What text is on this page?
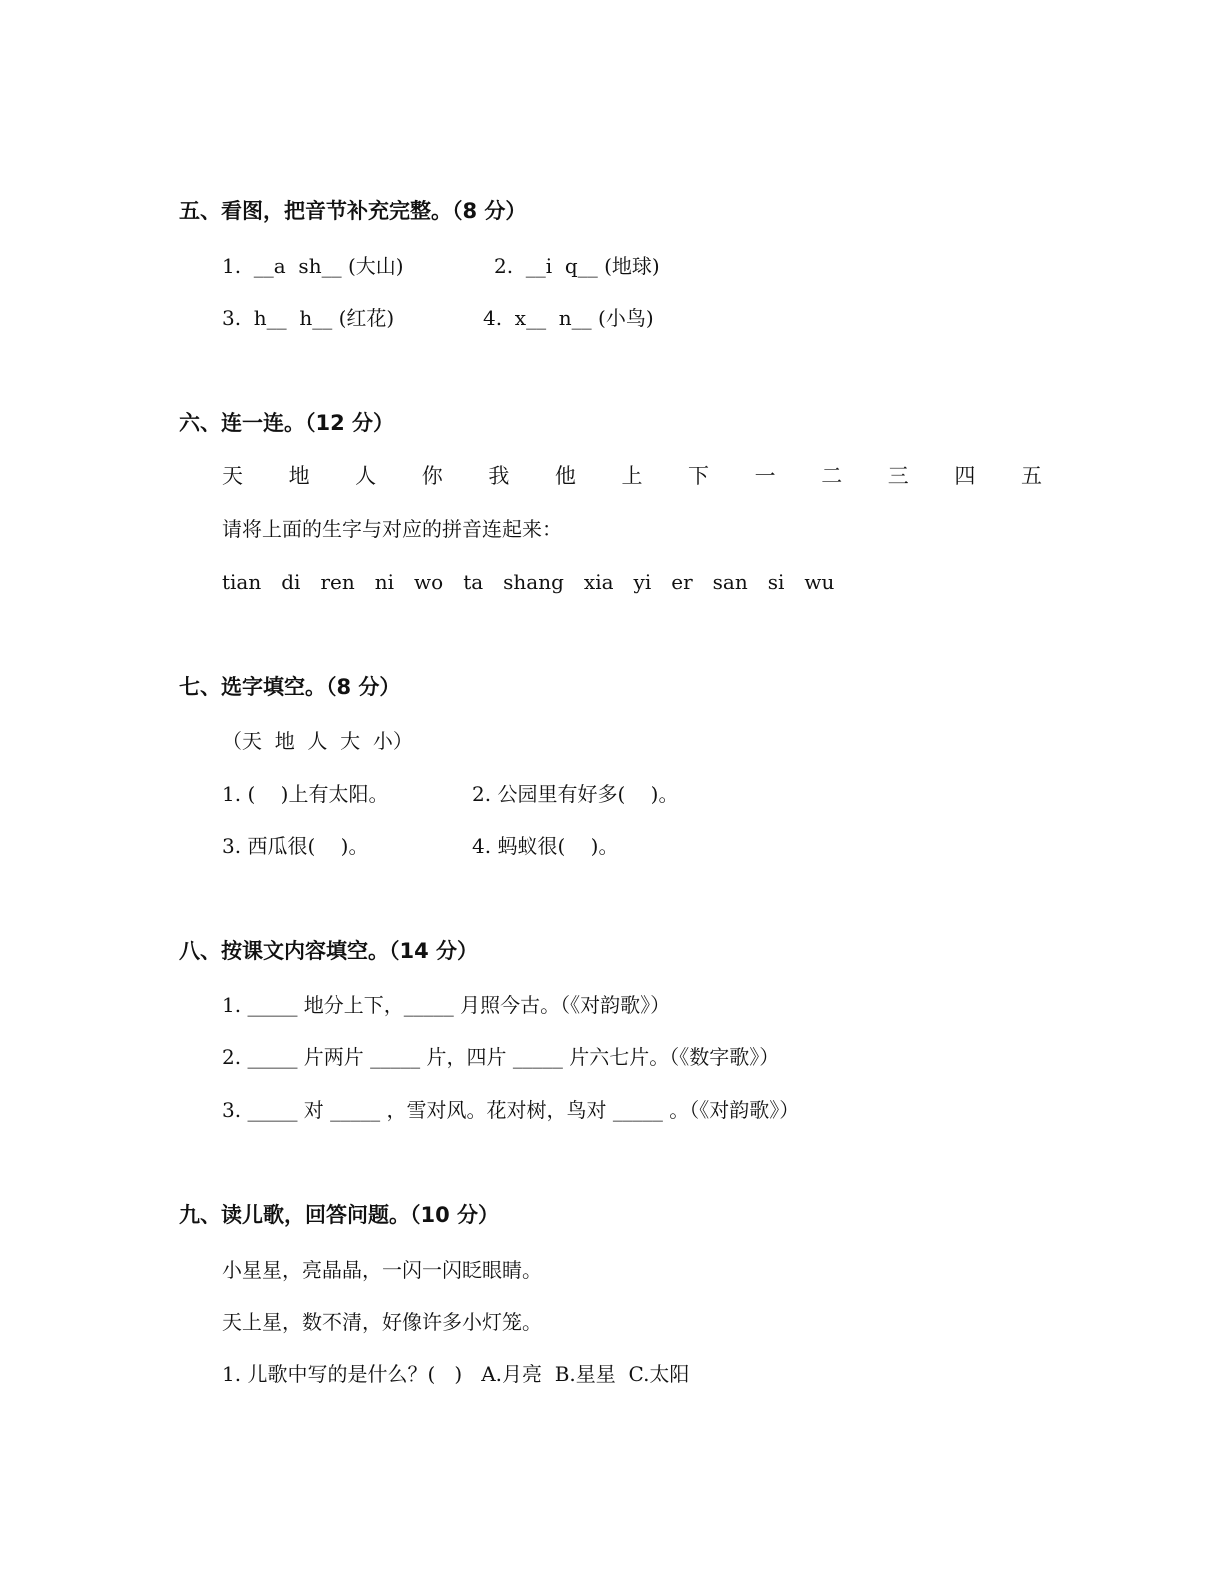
五、看图，把音节补充完整。（8 分）
1.  __a  sh__ (大山)	2.  __i  q__ (地球)
3.  h__  h__ (红花)	4.  x__  n__ (小鸟)
六、连一连。（12 分）
天 地 人 你 我 他 上 下 一 二 三 四 五
请将上面的生字与对应的拼音连起来：
tian di ren ni wo ta shang xia yi er san si wu
七、选字填空。（8 分）
（天  地  人  大  小）
1. (    )上有太阳。	2. 公园里有好多(    )。
3. 西瓜很(    )。	4. 蚂蚁很(    )。
八、按课文内容填空。（14 分）
1. _____ 地分上下，_____ 月照今古。（《对韵歌》）
2. _____ 片两片 _____ 片，四片 _____ 片六七片。（《数字歌》）
3. _____ 对 _____ ，雪对风。花对树，鸟对 _____ 。（《对韵歌》）
九、读儿歌，回答问题。（10 分）
小星星，亮晶晶，一闪一闪眨眼睛。
天上星，数不清，好像许多小灯笼。
1. 儿歌中写的是什么？(   )   A.月亮  B.星星  C.太阳
